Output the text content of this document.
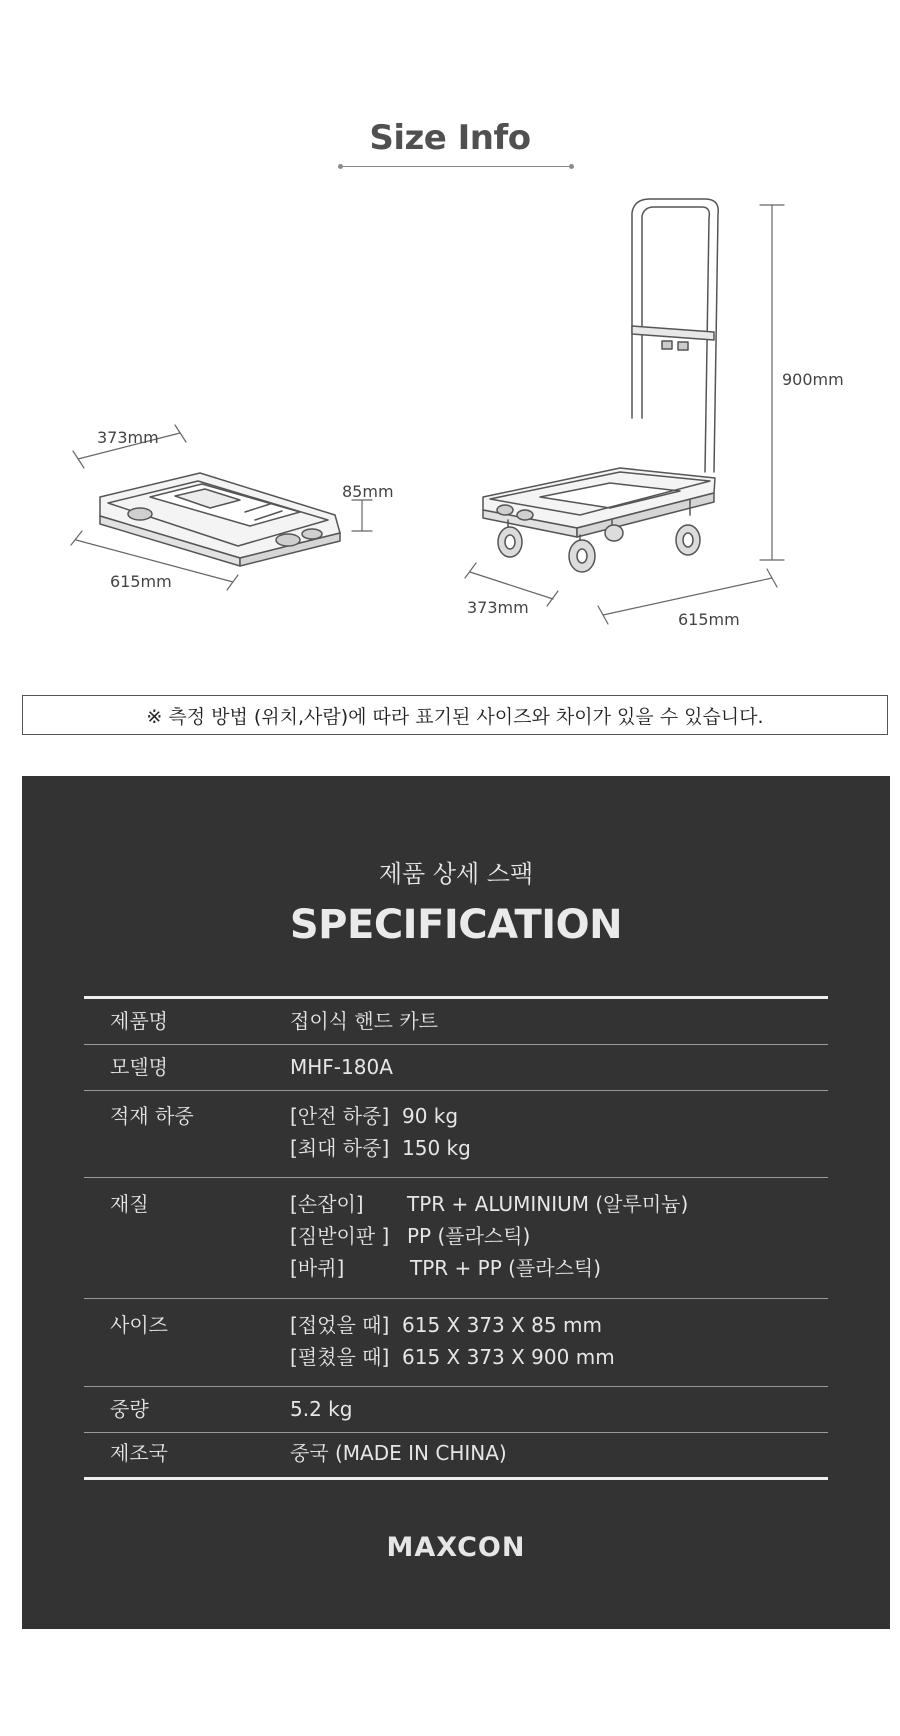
Size Info
373mm
615mm
85mm
900mm
373mm
615mm
※ 측정 방법 (위치,사람)에 따라 표기된 사이즈와 차이가 있을 수 있습니다.
제품 상세 스팩
SPECIFICATION
제품명	접이식 핸드 카트
모델명	MHF-180A
적재 하중	[안전 하중] 90 kg
[최대 하중] 150 kg
재질	[손잡이] TPR + ALUMINIUM (알루미늄)
[짐받이판 ] PP (플라스틱)
[바퀴]	TPR + PP (플라스틱)
사이즈	[접었을 때] 615 X 373 X 85 mm
[펼쳤을 때] 615 X 373 X 900 mm
중량	5.2 kg
제조국	중국 (MADE IN CHINA)
MAXCON
